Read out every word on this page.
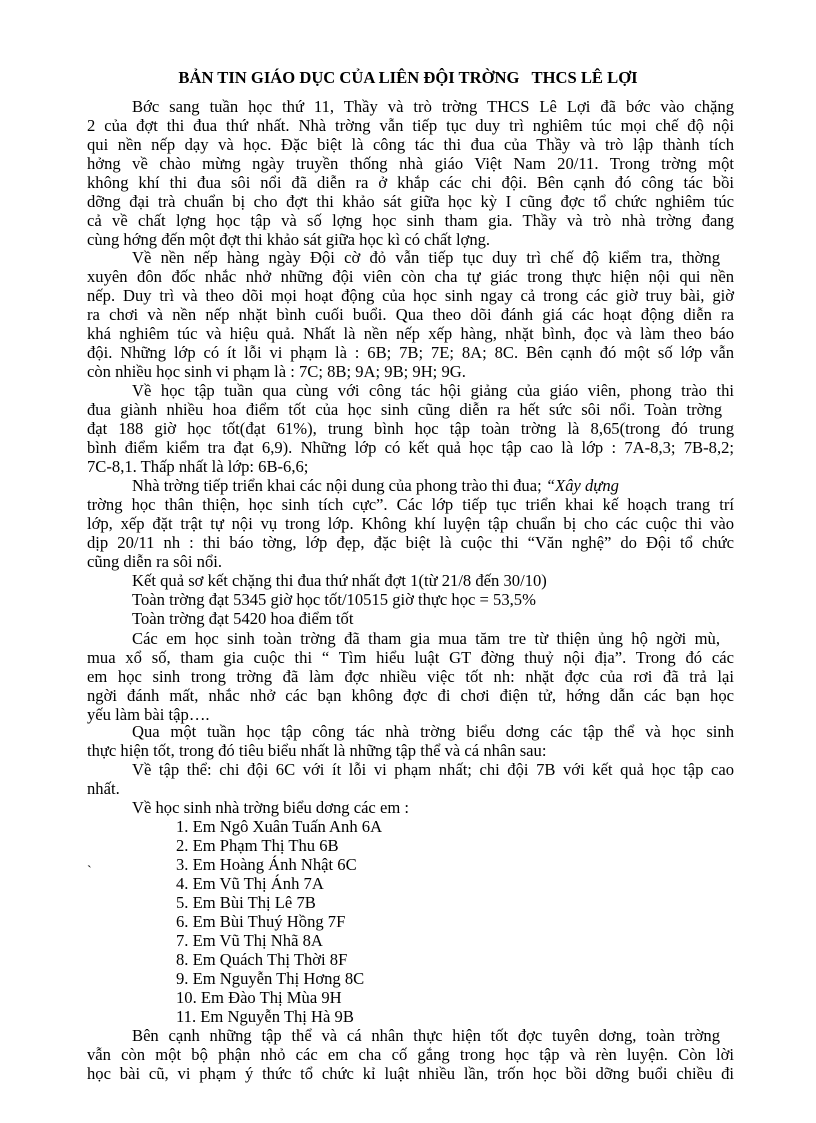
BẢN TIN GIÁO DỤC CỦA LIÊN ĐỘI TRỜNG   THCS LÊ LỢI
Bớc sang tuần học thứ 11, Thầy và trò trờng THCS Lê Lợi đã bớc vào chặng
2 của đợt thi đua thứ nhất. Nhà trờng vẫn tiếp tục duy trì nghiêm túc mọi chế độ nội
qui nền nếp dạy và học. Đặc biệt là công tác thi đua của Thầy và trò lập thành tích
hởng về chào mừng ngày truyền thống nhà giáo Việt Nam 20/11. Trong trờng một
không khí thi đua sôi nổi đã diễn ra ở khắp các chi đội. Bên cạnh đó công tác bồi
dỡng đại trà chuẩn bị cho đợt thi khảo sát giữa học kỳ I cũng đợc tổ chức nghiêm túc
cả về chất lợng học tập và số lợng học sinh tham gia. Thầy và trò nhà trờng đang
cùng hớng đến một đợt thi khảo sát giữa học kì có chất lợng.
Về nền nếp hàng ngày Đội cờ đỏ vẫn tiếp tục duy trì chế độ kiểm tra, thờng
xuyên đôn đốc nhắc nhở những đội viên còn cha tự giác trong thực hiện nội qui nền
nếp. Duy trì và theo dõi mọi hoạt động của học sinh ngay cả trong các giờ truy bài, giờ
ra chơi và nền nếp nhặt bình cuối buổi. Qua theo dõi đánh giá các hoạt động diễn ra
khá nghiêm túc và hiệu quả. Nhất là nền nếp xếp hàng, nhặt bình, đọc và làm theo báo
đội. Những lớp có ít lỗi vi phạm là : 6B; 7B; 7E; 8A; 8C. Bên cạnh đó một số lớp vẫn
còn nhiều học sinh vi phạm là : 7C; 8B; 9A; 9B; 9H; 9G.
Về học tập tuần qua cùng với công tác hội giảng của giáo viên, phong trào thi
đua giành nhiều hoa điểm tốt của học sinh cũng diễn ra hết sức sôi nổi. Toàn trờng
đạt 188 giờ học tốt(đạt 61%), trung bình học tập toàn trờng là 8,65(trong đó trung
bình điểm kiểm tra đạt 6,9). Những lớp có kết quả học tập cao là lớp : 7A-8,3; 7B-8,2;
7C-8,1. Thấp nhất là lớp: 6B-6,6;
Nhà trờng tiếp triển khai các nội dung của phong trào thi đua; “Xây dựng
trờng học thân thiện, học sinh tích cực”. Các lớp tiếp tục triển khai kế hoạch trang trí
lớp, xếp đặt trật tự nội vụ trong lớp. Không khí luyện tập chuẩn bị cho các cuộc thi vào
dịp 20/11 nh : thi báo tờng, lớp đẹp, đặc biệt là cuộc thi “Văn nghệ” do Đội tổ chức
cũng diễn ra sôi nổi.
Kết quả sơ kết chặng thi đua thứ nhất đợt 1(từ 21/8 đến 30/10)
Toàn trờng đạt 5345 giờ học tốt/10515 giờ thực học = 53,5%
Toàn trờng đạt 5420 hoa điểm tốt
Các em học sinh toàn trờng đã tham gia mua tăm tre từ thiện ủng hộ ngời mù,
mua xổ số, tham gia cuộc thi “ Tìm hiểu luật GT đờng thuỷ nội địa”. Trong đó các
em học sinh trong trờng đã làm đợc nhiều việc tốt nh: nhặt đợc của rơi đã trả lại
ngời đánh mất, nhắc nhở các bạn không đợc đi chơi điện tử, hớng dẫn các bạn học
yếu làm bài tập….
Qua một tuần học tập công tác nhà trờng biểu dơng các tập thể và học sinh
thực hiện tốt, trong đó tiêu biểu nhất là những tập thể và cá nhân sau:
Về tập thể: chi đội 6C với ít lỗi vi phạm nhất; chi đội 7B với kết quả học tập cao
nhất.
Về học sinh nhà trờng biểu dơng các em :
1. Em Ngô Xuân Tuấn Anh 6A
2. Em Phạm Thị Thu 6B
3. Em Hoàng Ánh Nhật 6C
4. Em Vũ Thị Ánh 7A
5. Em Bùi Thị Lê 7B
6. Em Bùi Thuý Hồng 7F
7. Em Vũ Thị Nhã 8A
8. Em Quách Thị Thời 8F
9. Em Nguyễn Thị Hơng 8C
10. Em Đào Thị Mùa 9H
11. Em Nguyễn Thị Hà 9B
`
Bên cạnh những tập thể và cá nhân thực hiện tốt đợc tuyên dơng, toàn trờng
vẫn còn một bộ phận nhỏ các em cha cố gắng trong học tập và rèn luyện. Còn lời
học bài cũ, vi phạm ý thức tổ chức kỉ luật nhiều lần, trốn học bồi dỡng buổi chiều đi
